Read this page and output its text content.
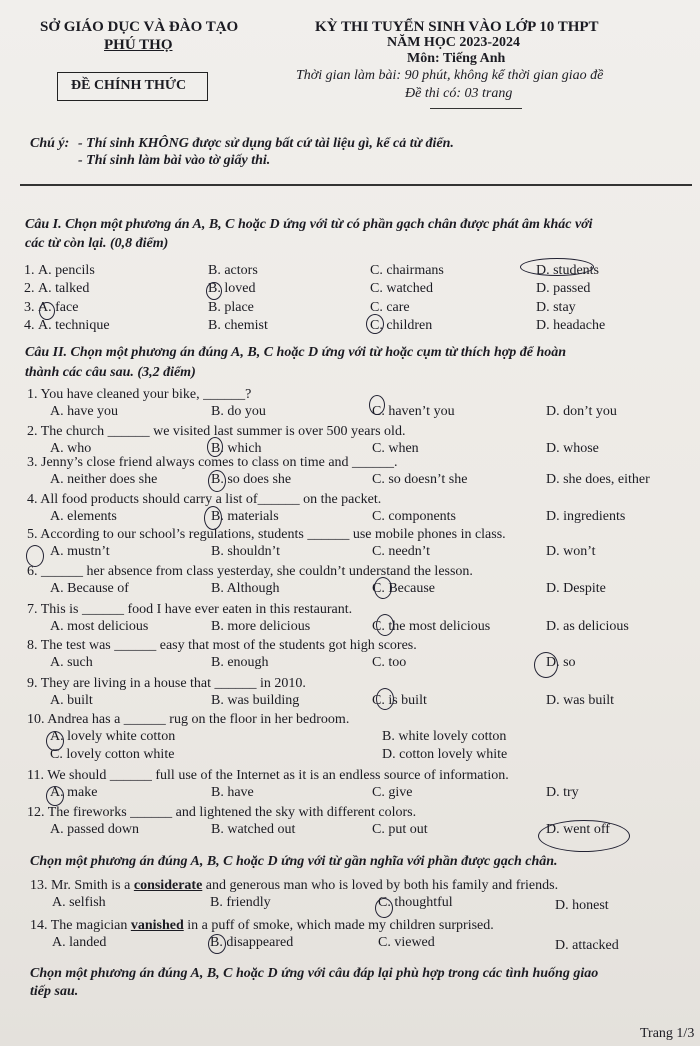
SỞ GIÁO DỤC VÀ ĐÀO TẠO
PHÚ THỌ
ĐỀ CHÍNH THỨC
KỲ THI TUYỂN SINH VÀO LỚP 10 THPT
NĂM HỌC 2023-2024
Môn: Tiếng Anh
Thời gian làm bài: 90 phút, không kể thời gian giao đề
Đề thi có: 03 trang
Chú ý: - Thí sinh KHÔNG được sử dụng bất cứ tài liệu gì, kể cả từ điển.
- Thí sinh làm bài vào tờ giấy thi.
Câu I. Chọn một phương án A, B, C hoặc D ứng với từ có phần gạch chân được phát âm khác với
các từ còn lại. (0,8 điểm)
1. A. pencils	B. actors	C. chairmans	D. students
2. A. talked	B. loved	C. watched	D. passed
3. A. face	B. place	C. care	D. stay
4. A. technique	B. chemist	C. children	D. headache
Câu II. Chọn một phương án đúng A, B, C hoặc D ứng với từ hoặc cụm từ thích hợp để hoàn
thành các câu sau. (3,2 điểm)
1. You have cleaned your bike, ______?
A. have you	B. do you	C. haven’t you	D. don’t you
2. The church ______ we visited last summer is over 500 years old.
A. who	B. which	C. when	D. whose
3. Jenny’s close friend always comes to class on time and ______.
A. neither does she	B. so does she	C. so doesn’t she	D. she does, either
4. All food products should carry a list of______ on the packet.
A. elements	B. materials	C. components	D. ingredients
5. According to our school’s regulations, students ______ use mobile phones in class.
A. mustn’t	B. shouldn’t	C. needn’t	D. won’t
6. ______ her absence from class yesterday, she couldn’t understand the lesson.
A. Because of	B. Although	C. Because	D. Despite
7. This is ______ food I have ever eaten in this restaurant.
A. most delicious	B. more delicious	C. the most delicious	D. as delicious
8. The test was ______ easy that most of the students got high scores.
A. such	B. enough	C. too	D. so
9. They are living in a house that ______ in 2010.
A. built	B. was building	C. is built	D. was built
10. Andrea has a ______ rug on the floor in her bedroom.
A. lovely white cotton	B. white lovely cotton
C. lovely cotton white	D. cotton lovely white
11. We should ______ full use of the Internet as it is an endless source of information.
A. make	B. have	C. give	D. try
12. The fireworks ______ and lightened the sky with different colors.
A. passed down	B. watched out	C. put out	D. went off
Chọn một phương án đúng A, B, C hoặc D ứng với từ gần nghĩa với phần được gạch chân.
13. Mr. Smith is a considerate and generous man who is loved by both his family and friends.
A. selfish	B. friendly	C. thoughtful	D. honest
14. The magician vanished in a puff of smoke, which made my children surprised.
A. landed	B. disappeared	C. viewed	D. attacked
Chọn một phương án đúng A, B, C hoặc D ứng với câu đáp lại phù hợp trong các tình huống giao
tiếp sau.
Trang 1/3
